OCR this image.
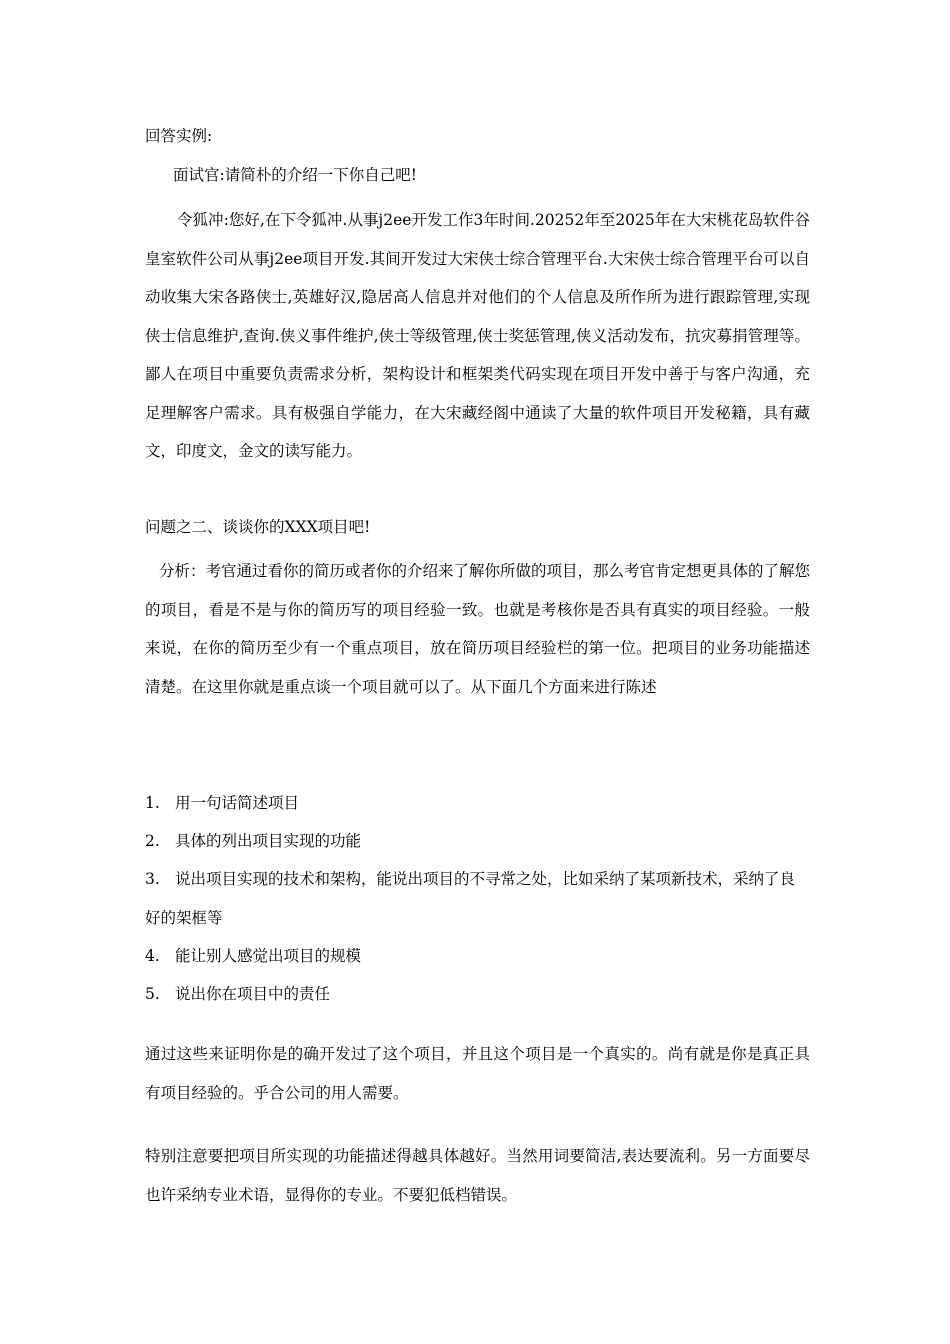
回答实例:

面试官:请简朴的介绍一下你自己吧!

令狐冲:您好,在下令狐冲.从事j2ee开发工作3年时间.20252年至2025年在大宋桃花岛软件谷皇室软件公司从事j2ee项目开发.其间开发过大宋侠士综合管理平台.大宋侠士综合管理平台可以自动收集大宋各路侠士,英雄好汉,隐居高人信息并对他们的个人信息及所作所为进行跟踪管理,实现侠士信息维护,查询.侠义事件维护,侠士等级管理,侠士奖惩管理,侠义活动发布，抗灾募捐管理等。鄙人在项目中重要负责需求分析，架构设计和框架类代码实现在项目开发中善于与客户沟通，充足理解客户需求。具有极强自学能力，在大宋藏经阁中通读了大量的软件项目开发秘籍，具有藏文，印度文，金文的读写能力。

问题之二、谈谈你的XXX项目吧!

分析：考官通过看你的简历或者你的介绍来了解你所做的项目，那么考官肯定想更具体的了解您的项目，看是不是与你的简历写的项目经验一致。也就是考核你是否具有真实的项目经验。一般来说，在你的简历至少有一个重点项目，放在简历项目经验栏的第一位。把项目的业务功能描述清楚。在这里你就是重点谈一个项目就可以了。从下面几个方面来进行陈述

1. 用一句话简述项目
2. 具体的列出项目实现的功能
3. 说出项目实现的技术和架构，能说出项目的不寻常之处，比如采纳了某项新技术，采纳了良好的架框等
4. 能让别人感觉出项目的规模
5. 说出你在项目中的责任

通过这些来证明你是的确开发过了这个项目，并且这个项目是一个真实的。尚有就是你是真正具有项目经验的。乎合公司的用人需要。

特别注意要把项目所实现的功能描述得越具体越好。当然用词要简洁,表达要流利。另一方面要尽也许采纳专业术语，显得你的专业。不要犯低档错误。
